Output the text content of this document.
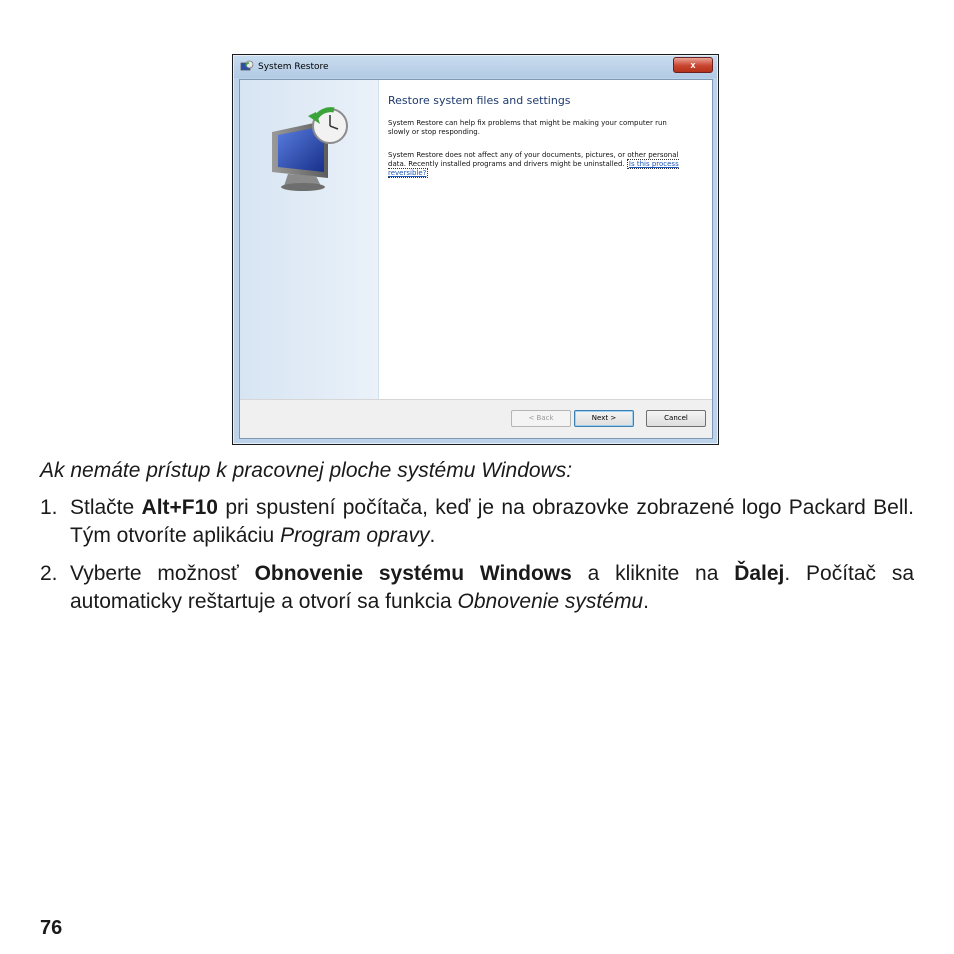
System Restore	x

Restore system files and settings

System Restore can help fix problems that might be making your computer run slowly or stop responding.

System Restore does not affect any of your documents, pictures, or other personal data. Recently installed programs and drivers might be uninstalled. Is this process reversible?

< Back	Next >	Cancel

Ak nemáte prístup k pracovnej ploche systému Windows:

1. Stlačte Alt+F10 pri spustení počítača, keď je na obrazovke zobrazené logo Packard Bell. Tým otvoríte aplikáciu Program opravy.
2. Vyberte možnosť Obnovenie systému Windows a kliknite na Ďalej. Počítač sa automaticky reštartuje a otvorí sa funkcia Obnovenie systému.

76
